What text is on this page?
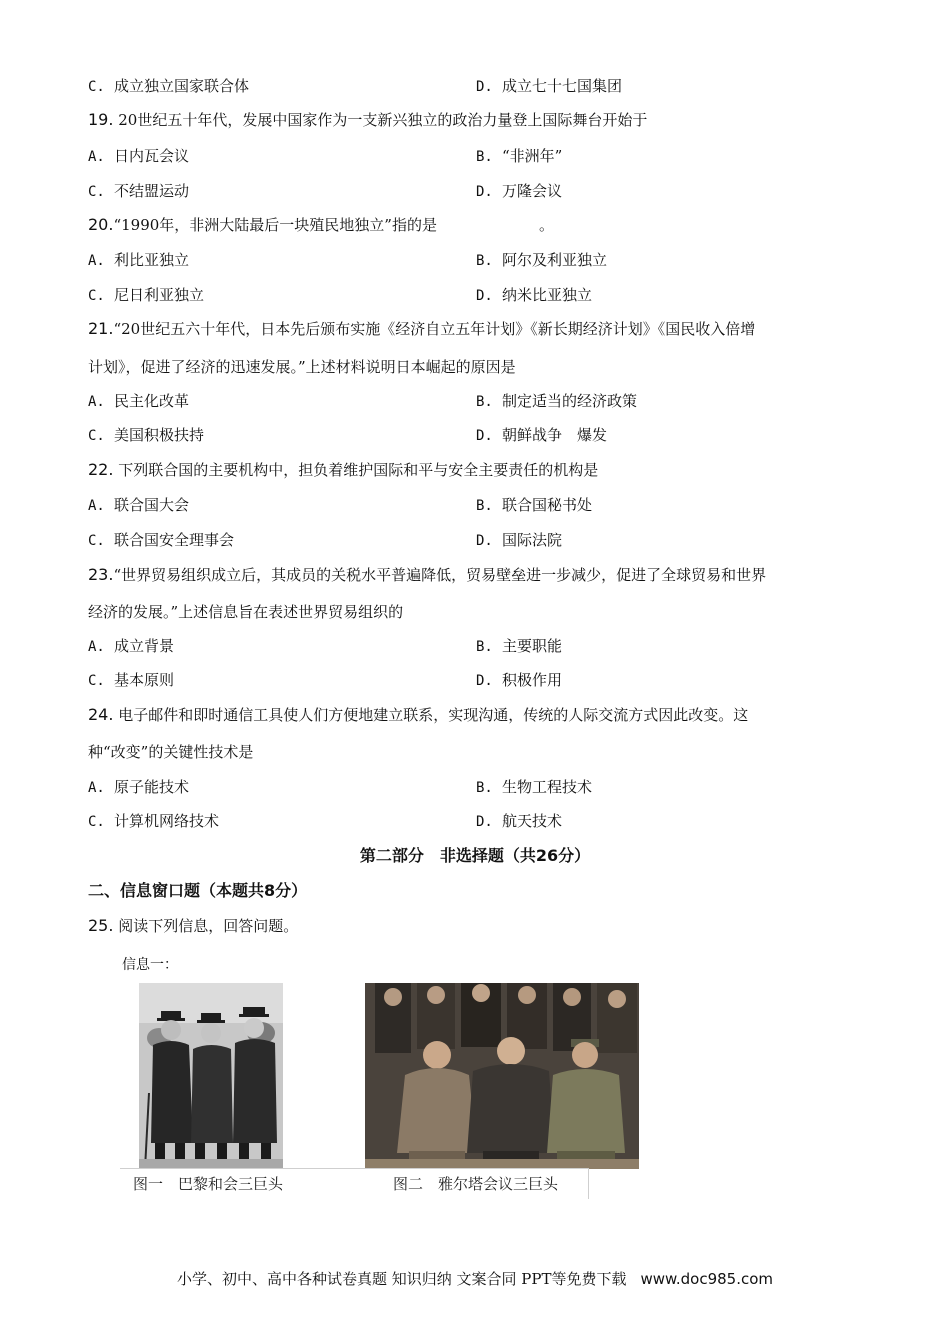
C. 成立独立国家联合体	D. 成立七十七国集团
19. 20世纪五十年代，发展中国家作为一支新兴独立的政治力量登上国际舞台开始于
A. 日内瓦会议	B. “非洲年”
C. 不结盟运动	D. 万隆会议
20.“1990年，非洲大陆最后一块殖民地独立”指的是	。
A. 利比亚独立	B. 阿尔及利亚独立
C. 尼日利亚独立	D. 纳米比亚独立
21.“20世纪五六十年代，日本先后颁布实施《经济自立五年计划》《新长期经济计划》《国民收入倍增
计划》，促进了经济的迅速发展。”上述材料说明日本崛起的原因是
A. 民主化改革	B. 制定适当的经济政策
C. 美国积极扶持	D. 朝鲜战争　爆发
22. 下列联合国的主要机构中，担负着维护国际和平与安全主要责任的机构是
A. 联合国大会	B. 联合国秘书处
C. 联合国安全理事会	D. 国际法院
23.“世界贸易组织成立后，其成员的关税水平普遍降低，贸易壁垒进一步减少，促进了全球贸易和世界
经济的发展。”上述信息旨在表述世界贸易组织的
A. 成立背景	B. 主要职能
C. 基本原则	D. 积极作用
24. 电子邮件和即时通信工具使人们方便地建立联系，实现沟通，传统的人际交流方式因此改变。这
种“改变”的关键性技术是
A. 原子能技术	B. 生物工程技术
C. 计算机网络技术	D. 航天技术
第二部分　非选择题（共26分）
二、信息窗口题（本题共8分）
25. 阅读下列信息，回答问题。
信息一：
图一　巴黎和会三巨头	图二　雅尔塔会议三巨头
小学、初中、高中各种试卷真题 知识归纳 文案合同 PPT等免费下载 www.doc985.com
